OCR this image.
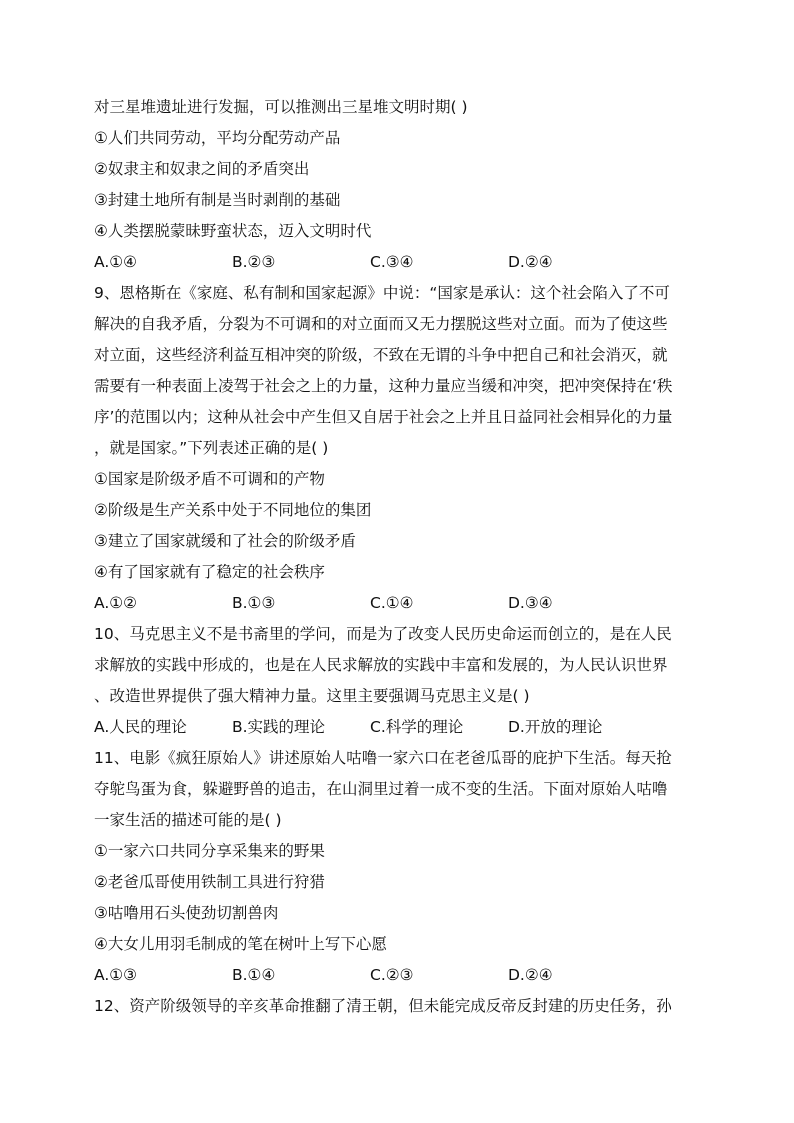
对三星堆遗址进行发掘，可以推测出三星堆文明时期( )
①人们共同劳动，平均分配劳动产品
②奴隶主和奴隶之间的矛盾突出
③封建土地所有制是当时剥削的基础
④人类摆脱蒙昧野蛮状态，迈入文明时代
A.①④	B.②③	C.③④	D.②④
9、恩格斯在《家庭、私有制和国家起源》中说：“国家是承认：这个社会陷入了不可
解决的自我矛盾，分裂为不可调和的对立面而又无力摆脱这些对立面。而为了使这些
对立面，这些经济利益互相冲突的阶级，不致在无谓的斗争中把自己和社会消灭，就
需要有一种表面上凌驾于社会之上的力量，这种力量应当缓和冲突，把冲突保持在‘秩
序’的范围以内；这种从社会中产生但又自居于社会之上并且日益同社会相异化的力量
，就是国家。”下列表述正确的是( )
①国家是阶级矛盾不可调和的产物
②阶级是生产关系中处于不同地位的集团
③建立了国家就缓和了社会的阶级矛盾
④有了国家就有了稳定的社会秩序
A.①②	B.①③	C.①④	D.③④
10、马克思主义不是书斋里的学问，而是为了改变人民历史命运而创立的，是在人民
求解放的实践中形成的，也是在人民求解放的实践中丰富和发展的，为人民认识世界
、改造世界提供了强大精神力量。这里主要强调马克思主义是( )
A.人民的理论	B.实践的理论	C.科学的理论	D.开放的理论
11、电影《疯狂原始人》讲述原始人咕噜一家六口在老爸瓜哥的庇护下生活。每天抢
夺鸵鸟蛋为食，躲避野兽的追击，在山洞里过着一成不变的生活。下面对原始人咕噜
一家生活的描述可能的是( )
①一家六口共同分享采集来的野果
②老爸瓜哥使用铁制工具进行狩猎
③咕噜用石头使劲切割兽肉
④大女儿用羽毛制成的笔在树叶上写下心愿
A.①③	B.①④	C.②③	D.②④
12、资产阶级领导的辛亥革命推翻了清王朝，但未能完成反帝反封建的历史任务，孙
